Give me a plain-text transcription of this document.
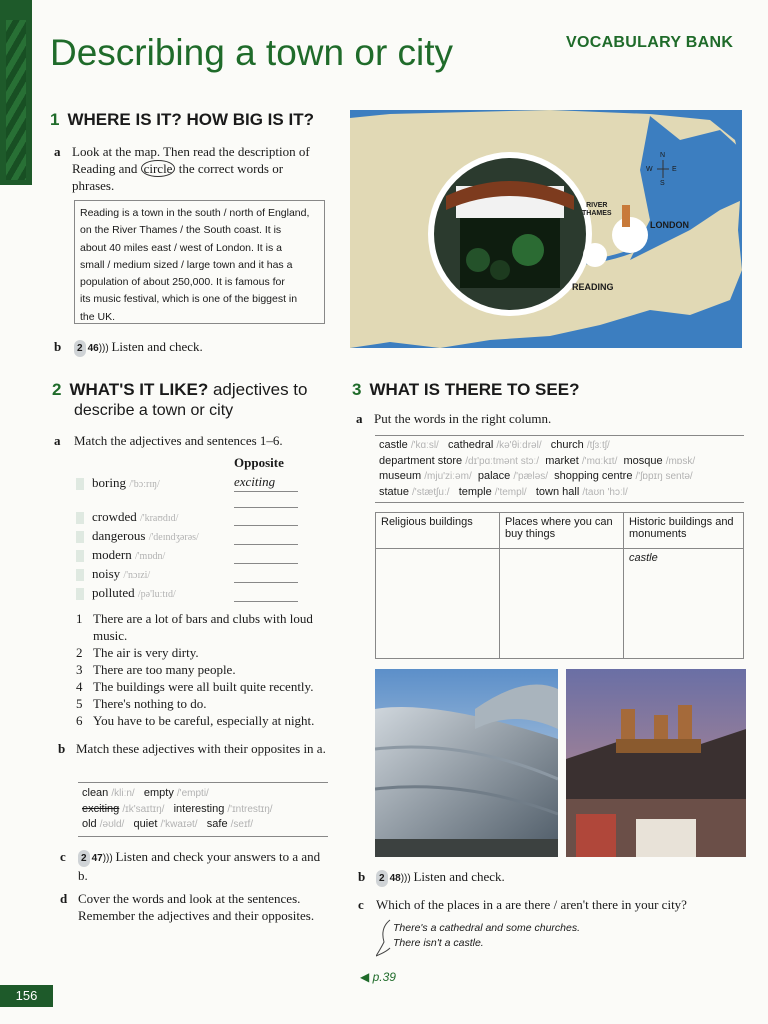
Describing a town or city	VOCABULARY BANK
1 WHERE IS IT? HOW BIG IS IT?
a Look at the map. Then read the description of Reading and circle the correct words or phrases.
Reading is a town in the south / north of England,
on the River Thames / the South coast. It is
about 40 miles east / west of London. It is a
small / medium sized / large town and it has a
population of about 250,000. It is famous for
its music festival, which is one of the biggest in
the UK.
b	2 46))) Listen and check.
N
E
W
S
RIVER
THAMES
LONDON
READING
2 WHAT'S IT LIKE? adjectives to
describe a town or city
a Match the adjectives and sentences 1–6.
Opposite
boring /'bɔːrɪŋ/	exciting
crowded /'kraʊdɪd/
dangerous /'deɪndʒərəs/
modern /'mɒdn/
noisy /'nɔɪzi/
polluted /pə'luːtɪd/
1 There are a lot of bars and clubs with loud music.
2 The air is very dirty.
3 There are too many people.
4 The buildings were all built quite recently.
5 There's nothing to do.
6 You have to be careful, especially at night.
b Match these adjectives with their opposites in a.
clean /kliːn/ empty /'empti/
exciting /ɪk'saɪtɪŋ/ interesting /'ɪntrestɪŋ/
old /əʊld/ quiet /'kwaɪət/ safe /seɪf/
c	2 47))) Listen and check your answers to a and b.
d Cover the words and look at the sentences. Remember the adjectives and their opposites.
3 WHAT IS THERE TO SEE?
a Put the words in the right column.
castle /'kɑːsl/ cathedral /kə'θiːdrəl/ church /tʃɜːtʃ/
department store /dɪ'pɑːtmənt stɔː/ market /'mɑːkɪt/ mosque /mɒsk/
museum /mju'ziːəm/ palace /'pæləs/ shopping centre /'ʃɒpɪŋ sentə/
statue /'stætʃuː/ temple /'templ/ town hall /taʊn 'hɔːl/
Religious buildings	Places where you can buy things	Historic buildings and monuments
		castle
b	2 48))) Listen and check.
c Which of the places in a are there / aren't there in your city?
There's a cathedral and some churches.
There isn't a castle.
◀ p.39
156
